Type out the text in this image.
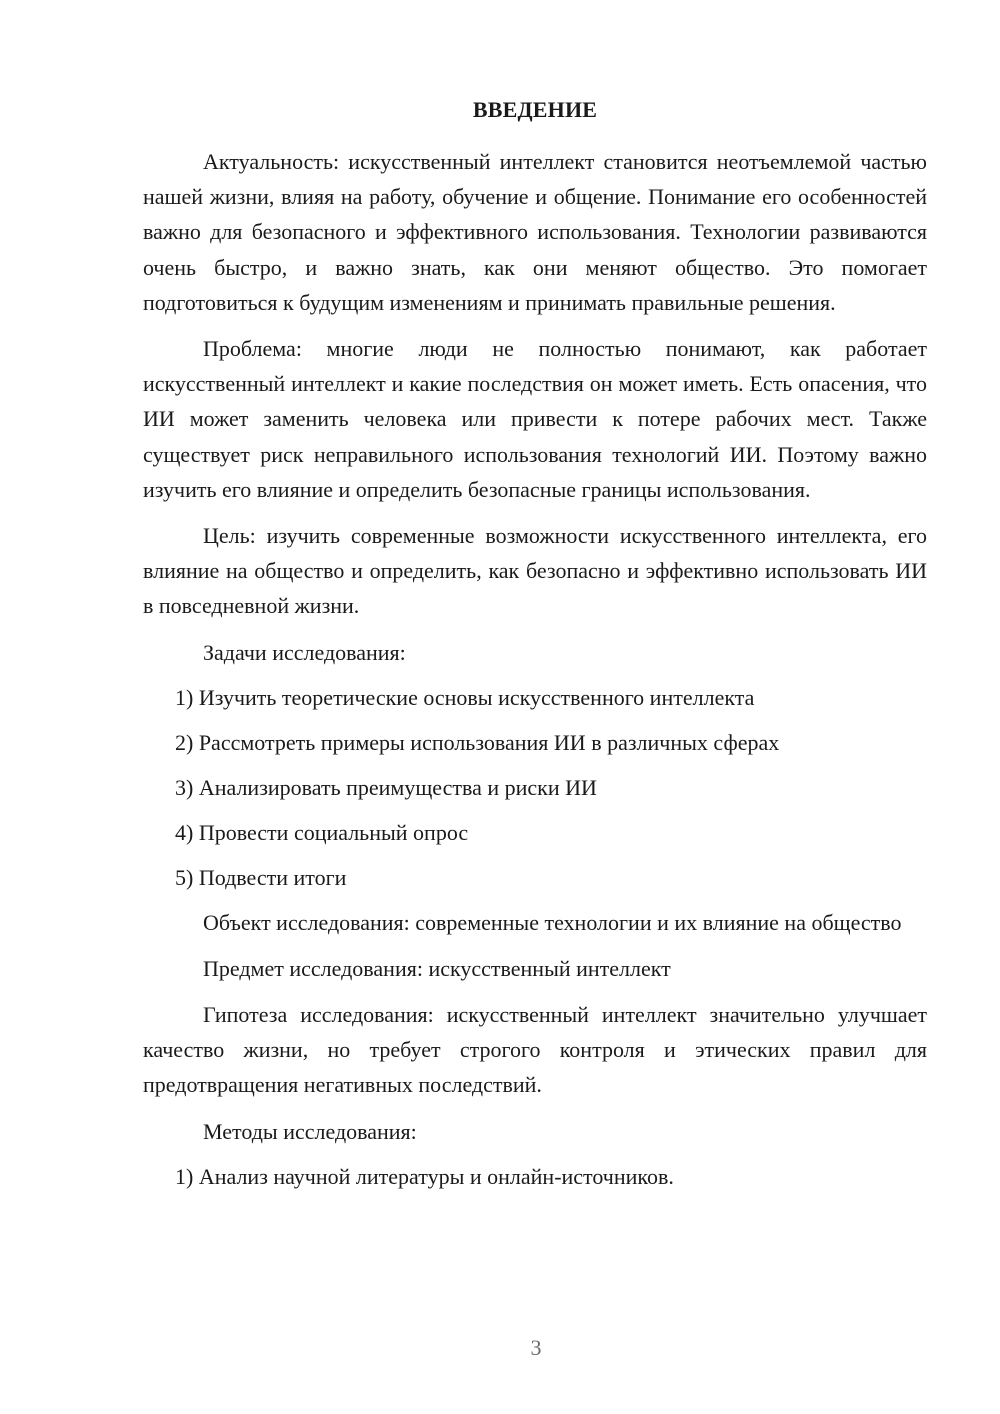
ВВЕДЕНИЕ

Актуальность: искусственный интеллект становится неотъемлемой частью нашей жизни, влияя на работу, обучение и общение. Понимание его особенностей важно для безопасного и эффективного использования. Технологии развиваются очень быстро, и важно знать, как они меняют общество. Это помогает подготовиться к будущим изменениям и принимать правильные решения.

Проблема: многие люди не полностью понимают, как работает искусственный интеллект и какие последствия он может иметь. Есть опасения, что ИИ может заменить человека или привести к потере рабочих мест. Также существует риск неправильного использования технологий ИИ. Поэтому важно изучить его влияние и определить безопасные границы использования.

Цель: изучить современные возможности искусственного интеллекта, его влияние на общество и определить, как безопасно и эффективно использовать ИИ в повседневной жизни.

Задачи исследования:
1) Изучить теоретические основы искусственного интеллекта
2) Рассмотреть примеры использования ИИ в различных сферах
3) Анализировать преимущества и риски ИИ
4) Провести социальный опрос
5) Подвести итоги

Объект исследования: современные технологии и их влияние на общество

Предмет исследования: искусственный интеллект

Гипотеза исследования: искусственный интеллект значительно улучшает качество жизни, но требует строгого контроля и этических правил для предотвращения негативных последствий.

Методы исследования:
1) Анализ научной литературы и онлайн-источников.
3
